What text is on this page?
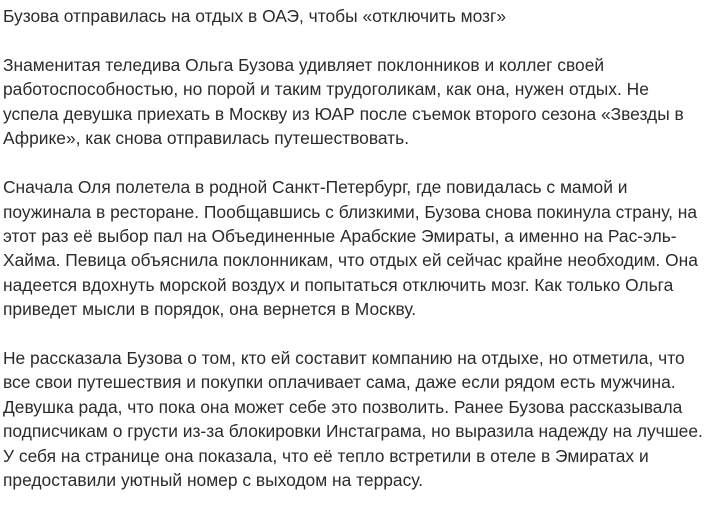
Бузова отправилась на отдых в ОАЭ, чтобы «отключить мозг»

Знаменитая теледива Ольга Бузова удивляет поклонников и коллег своей работоспособностью, но порой и таким трудоголикам, как она, нужен отдых. Не успела девушка приехать в Москву из ЮАР после съемок второго сезона «Звезды в Африке», как снова отправилась путешествовать.

Сначала Оля полетела в родной Санкт-Петербург, где повидалась с мамой и поужинала в ресторане. Пообщавшись с близкими, Бузова снова покинула страну, на этот раз её выбор пал на Объединенные Арабские Эмираты, а именно на Рас-эль-Хайма. Певица объяснила поклонникам, что отдых ей сейчас крайне необходим. Она надеется вдохнуть морской воздух и попытаться отключить мозг. Как только Ольга приведет мысли в порядок, она вернется в Москву.

Не рассказала Бузова о том, кто ей составит компанию на отдыхе, но отметила, что все свои путешествия и покупки оплачивает сама, даже если рядом есть мужчина. Девушка рада, что пока она может себе это позволить. Ранее Бузова рассказывала подписчикам о грусти из-за блокировки Инстаграма, но выразила надежду на лучшее. У себя на странице она показала, что её тепло встретили в отеле в Эмиратах и предоставили уютный номер с выходом на террасу.
